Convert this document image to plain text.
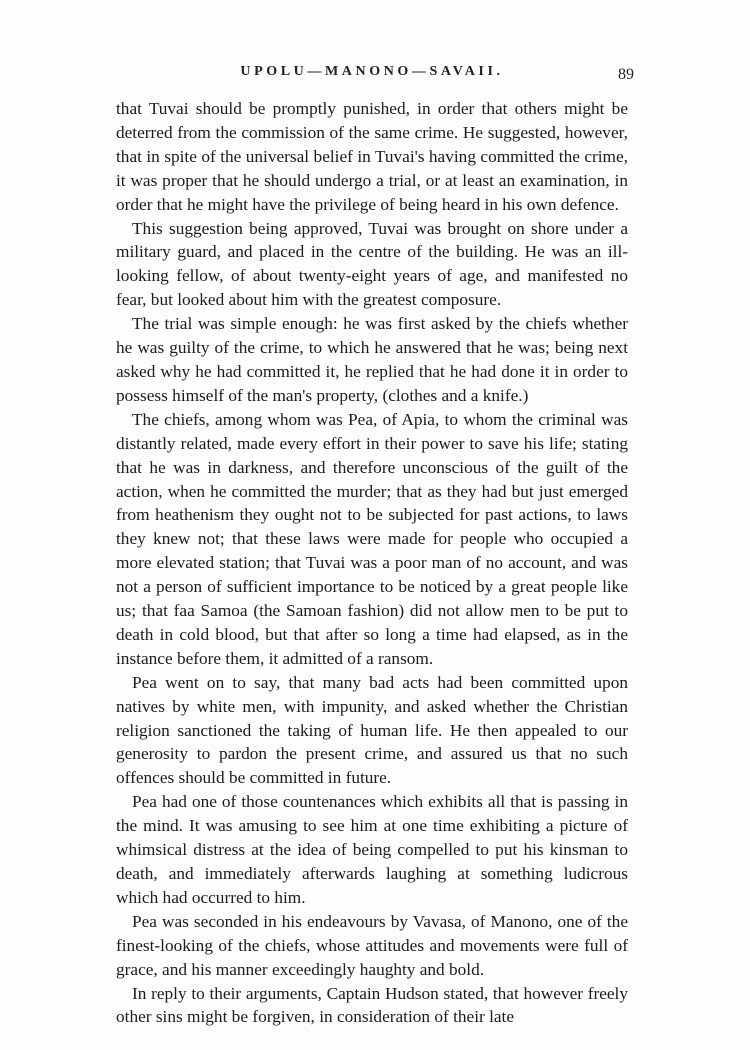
UPOLU—MANONO—SAVAII.	89

that Tuvai should be promptly punished, in order that others might be deterred from the commission of the same crime. He suggested, however, that in spite of the universal belief in Tuvai's having committed the crime, it was proper that he should undergo a trial, or at least an examination, in order that he might have the privilege of being heard in his own defence.

This suggestion being approved, Tuvai was brought on shore under a military guard, and placed in the centre of the building. He was an ill-looking fellow, of about twenty-eight years of age, and manifested no fear, but looked about him with the greatest composure.

The trial was simple enough: he was first asked by the chiefs whether he was guilty of the crime, to which he answered that he was; being next asked why he had committed it, he replied that he had done it in order to possess himself of the man's property, (clothes and a knife.)

The chiefs, among whom was Pea, of Apia, to whom the criminal was distantly related, made every effort in their power to save his life; stating that he was in darkness, and therefore unconscious of the guilt of the action, when he committed the murder; that as they had but just emerged from heathenism they ought not to be subjected for past actions, to laws they knew not; that these laws were made for people who occupied a more elevated station; that Tuvai was a poor man of no account, and was not a person of sufficient importance to be noticed by a great people like us; that faa Samoa (the Samoan fashion) did not allow men to be put to death in cold blood, but that after so long a time had elapsed, as in the instance before them, it admitted of a ransom.

Pea went on to say, that many bad acts had been committed upon natives by white men, with impunity, and asked whether the Christian religion sanctioned the taking of human life. He then appealed to our generosity to pardon the present crime, and assured us that no such offences should be committed in future.

Pea had one of those countenances which exhibits all that is passing in the mind. It was amusing to see him at one time exhibiting a picture of whimsical distress at the idea of being compelled to put his kinsman to death, and immediately afterwards laughing at something ludicrous which had occurred to him.

Pea was seconded in his endeavours by Vavasa, of Manono, one of the finest-looking of the chiefs, whose attitudes and movements were full of grace, and his manner exceedingly haughty and bold.

In reply to their arguments, Captain Hudson stated, that however freely other sins might be forgiven, in consideration of their late
